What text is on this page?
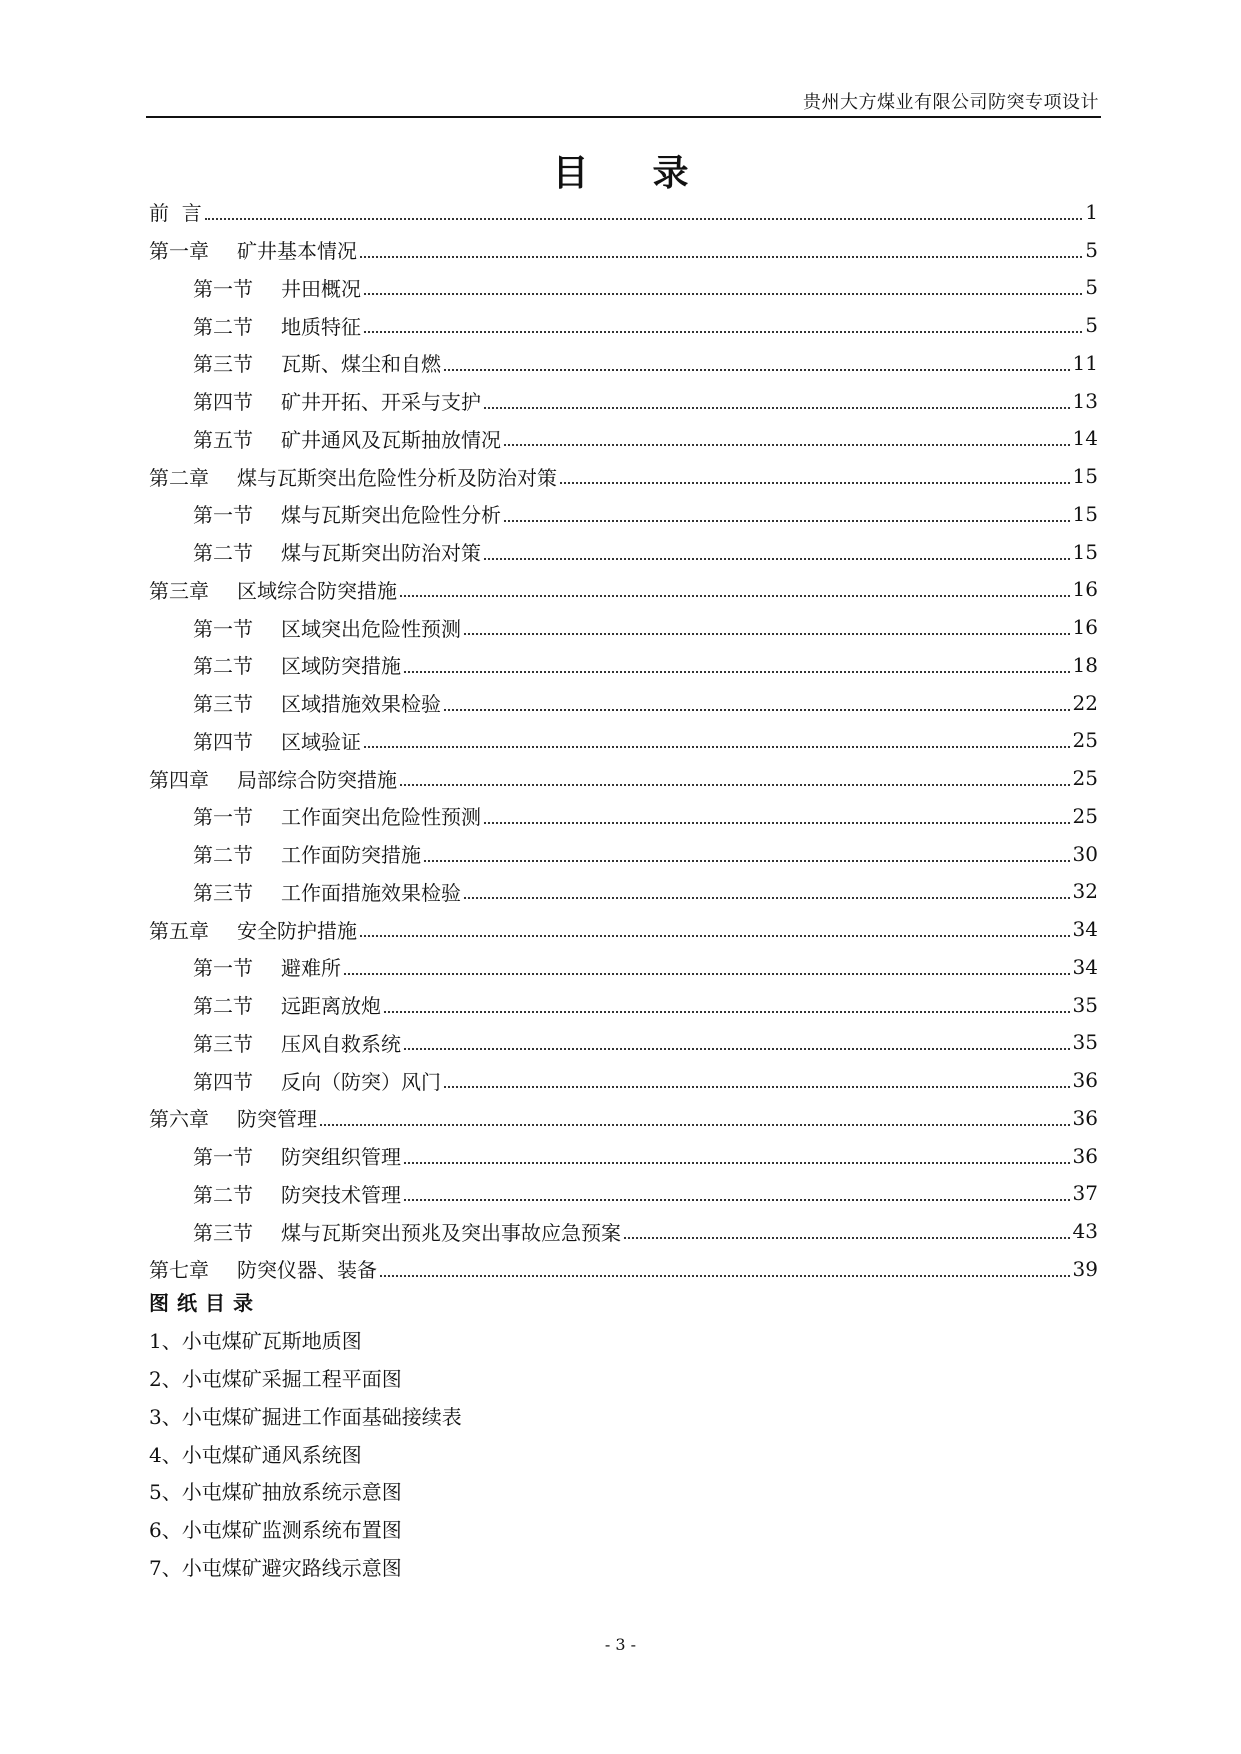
贵州大方煤业有限公司防突专项设计
目录
前  言	1
第一章	矿井基本情况	5
第一节	井田概况	5
第二节	地质特征	5
第三节	瓦斯、煤尘和自燃	11
第四节	矿井开拓、开采与支护	13
第五节	矿井通风及瓦斯抽放情况	14
第二章	煤与瓦斯突出危险性分析及防治对策	15
第一节	煤与瓦斯突出危险性分析	15
第二节	煤与瓦斯突出防治对策	15
第三章	区域综合防突措施	16
第一节	区域突出危险性预测	16
第二节	区域防突措施	18
第三节	区域措施效果检验	22
第四节	区域验证	25
第四章	局部综合防突措施	25
第一节	工作面突出危险性预测	25
第二节	工作面防突措施	30
第三节	工作面措施效果检验	32
第五章	安全防护措施	34
第一节	避难所	34
第二节	远距离放炮	35
第三节	压风自救系统	35
第四节	反向（防突）风门	36
第六章	防突管理	36
第一节	防突组织管理	36
第二节	防突技术管理	37
第三节	煤与瓦斯突出预兆及突出事故应急预案	43
第七章	防突仪器、装备	39
图纸目录
1、小屯煤矿瓦斯地质图
2、小屯煤矿采掘工程平面图
3、小屯煤矿掘进工作面基础接续表
4、小屯煤矿通风系统图
5、小屯煤矿抽放系统示意图
6、小屯煤矿监测系统布置图
7、小屯煤矿避灾路线示意图
- 3 -
